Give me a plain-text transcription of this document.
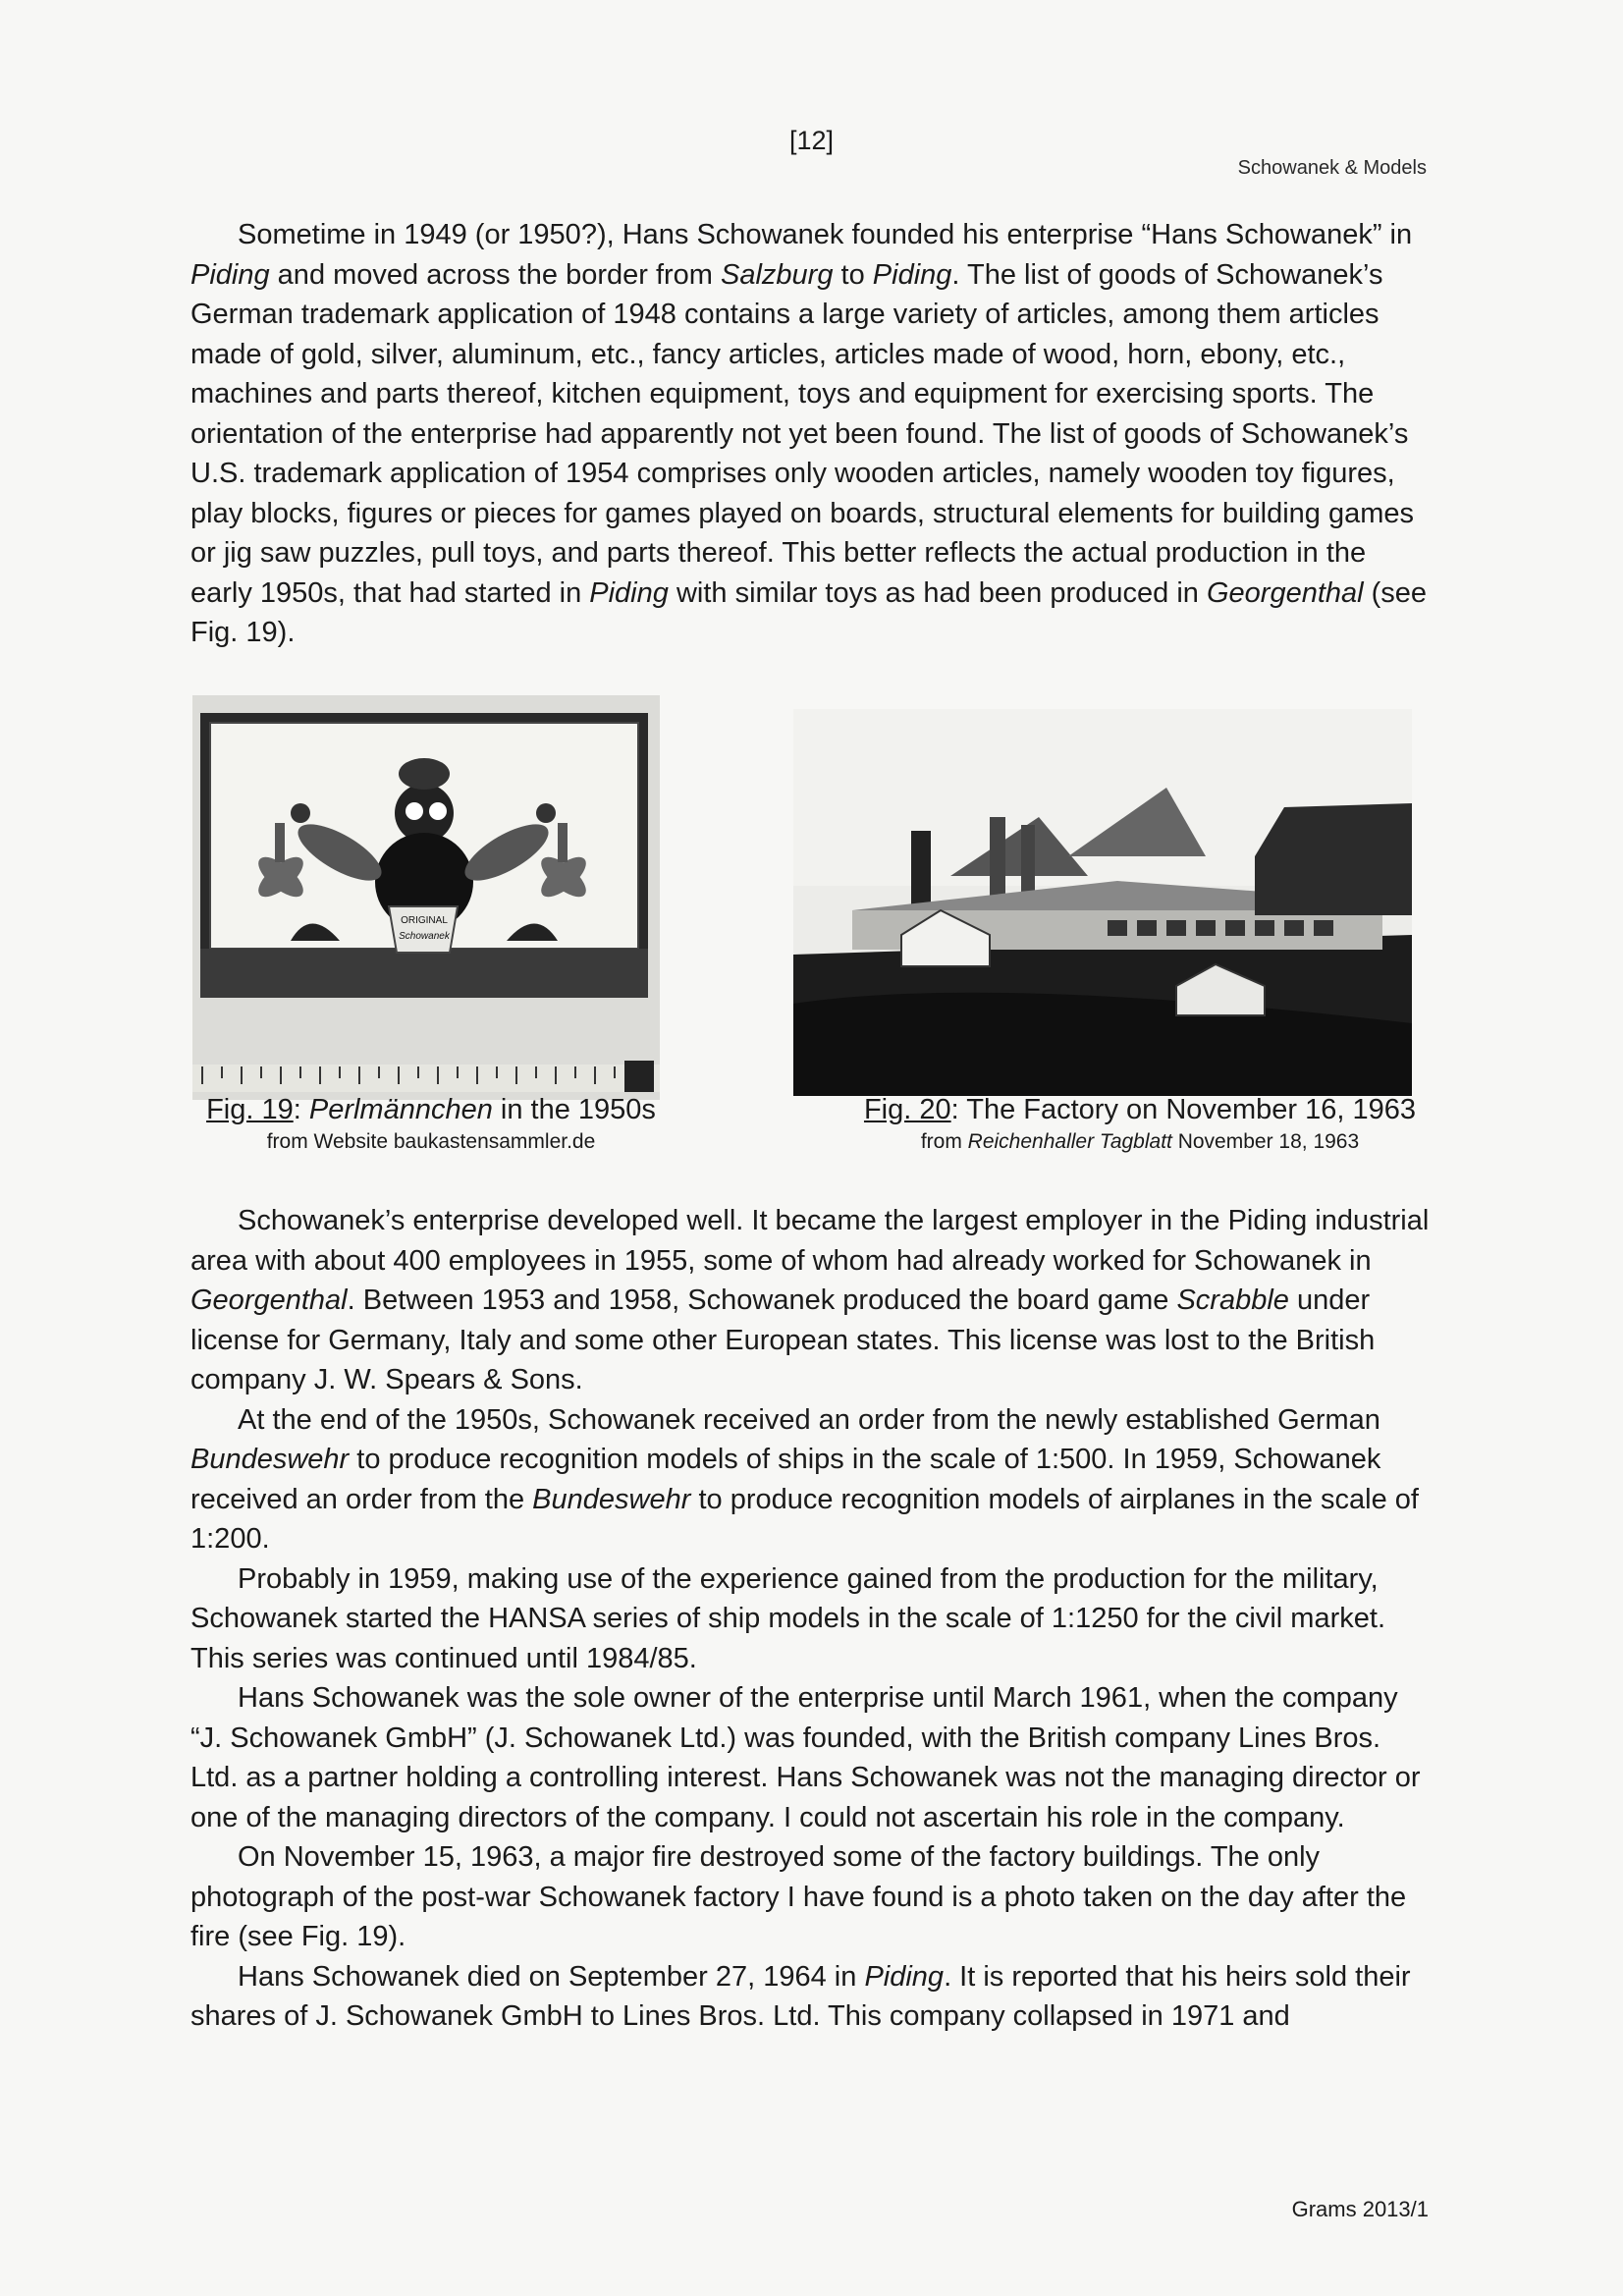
[12]
Schowanek & Models

Sometime in 1949 (or 1950?), Hans Schowanek founded his enterprise “Hans Schowanek” in Piding and moved across the border from Salzburg to Piding. The list of goods of Schowanek’s German trademark application of 1948 contains a large variety of articles, among them articles made of gold, silver, aluminum, etc., fancy articles, articles made of wood, horn, ebony, etc., machines and parts thereof, kitchen equipment, toys and equipment for exercising sports. The orientation of the enterprise had apparently not yet been found. The list of goods of Schowanek’s U.S. trademark application of 1954 comprises only wooden articles, namely wooden toy figures, play blocks, figures or pieces for games played on boards, structural elements for building games or jig saw puzzles, pull toys, and parts thereof. This better reflects the actual production in the early 1950s, that had started in Piding with similar toys as had been produced in Georgenthal (see Fig. 19).

ORIGINAL
Schowanek
Fig. 19: Perlmännchen in the 1950s
from Website baukastensammler.de
Fig. 20: The Factory on November 16, 1963
from Reichenhaller Tagblatt November 18, 1963

Schowanek’s enterprise developed well. It became the largest employer in the Piding industrial area with about 400 employees in 1955, some of whom had already worked for Schowanek in Georgenthal. Between 1953 and 1958, Schowanek produced the board game Scrabble under license for Germany, Italy and some other European states. This license was lost to the British company J. W. Spears & Sons.

At the end of the 1950s, Schowanek received an order from the newly established German Bundeswehr to produce recognition models of ships in the scale of 1:500. In 1959, Schowanek received an order from the Bundeswehr to produce recognition models of airplanes in the scale of 1:200.

Probably in 1959, making use of the experience gained from the production for the military, Schowanek started the HANSA series of ship models in the scale of 1:1250 for the civil market. This series was continued until 1984/85.

Hans Schowanek was the sole owner of the enterprise until March 1961, when the company “J. Schowanek GmbH” (J. Schowanek Ltd.) was founded, with the British company Lines Bros. Ltd. as a partner holding a controlling interest. Hans Schowanek was not the managing director or one of the managing directors of the company. I could not ascertain his role in the company.

On November 15, 1963, a major fire destroyed some of the factory buildings. The only photograph of the post-war Schowanek factory I have found is a photo taken on the day after the fire (see Fig. 19).

Hans Schowanek died on September 27, 1964 in Piding. It is reported that his heirs sold their shares of J. Schowanek GmbH to Lines Bros. Ltd. This company collapsed in 1971 and

Grams 2013/1
